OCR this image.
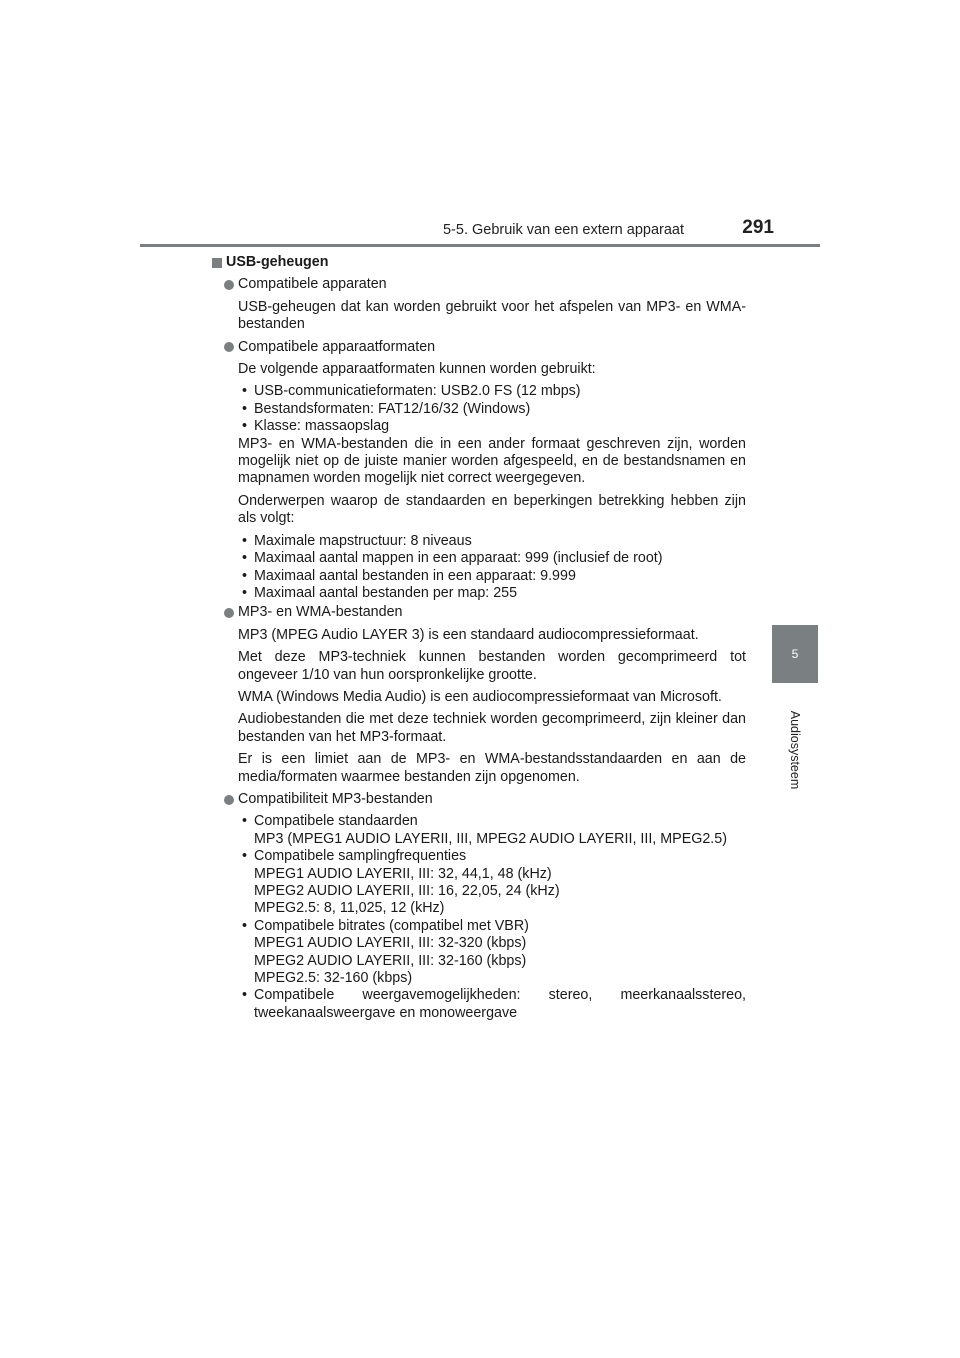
5-5. Gebruik van een extern apparaat	291
5
Audiosysteem
USB-geheugen
Compatibele apparaten
USB-geheugen dat kan worden gebruikt voor het afspelen van MP3- en WMA-bestanden
Compatibele apparaatformaten
De volgende apparaatformaten kunnen worden gebruikt:
• USB-communicatieformaten: USB2.0 FS (12 mbps)
• Bestandsformaten: FAT12/16/32 (Windows)
• Klasse: massaopslag
MP3- en WMA-bestanden die in een ander formaat geschreven zijn, worden mogelijk niet op de juiste manier worden afgespeeld, en de bestandsnamen en mapnamen worden mogelijk niet correct weergegeven.
Onderwerpen waarop de standaarden en beperkingen betrekking hebben zijn als volgt:
• Maximale mapstructuur: 8 niveaus
• Maximaal aantal mappen in een apparaat: 999 (inclusief de root)
• Maximaal aantal bestanden in een apparaat: 9.999
• Maximaal aantal bestanden per map: 255
MP3- en WMA-bestanden
MP3 (MPEG Audio LAYER 3) is een standaard audiocompressieformaat.
Met deze MP3-techniek kunnen bestanden worden gecomprimeerd tot ongeveer 1/10 van hun oorspronkelijke grootte.
WMA (Windows Media Audio) is een audiocompressieformaat van Microsoft.
Audiobestanden die met deze techniek worden gecomprimeerd, zijn kleiner dan bestanden van het MP3-formaat.
Er is een limiet aan de MP3- en WMA-bestandsstandaarden en aan de media/formaten waarmee bestanden zijn opgenomen.
Compatibiliteit MP3-bestanden
• Compatibele standaarden
MP3 (MPEG1 AUDIO LAYERII, III, MPEG2 AUDIO LAYERII, III, MPEG2.5)
• Compatibele samplingfrequenties
MPEG1 AUDIO LAYERII, III: 32, 44,1, 48 (kHz)
MPEG2 AUDIO LAYERII, III: 16, 22,05, 24 (kHz)
MPEG2.5: 8, 11,025, 12 (kHz)
• Compatibele bitrates (compatibel met VBR)
MPEG1 AUDIO LAYERII, III: 32-320 (kbps)
MPEG2 AUDIO LAYERII, III: 32-160 (kbps)
MPEG2.5: 32-160 (kbps)
• Compatibele weergavemogelijkheden: stereo, meerkanaalsstereo,
tweekanaalsweergave en monoweergave
